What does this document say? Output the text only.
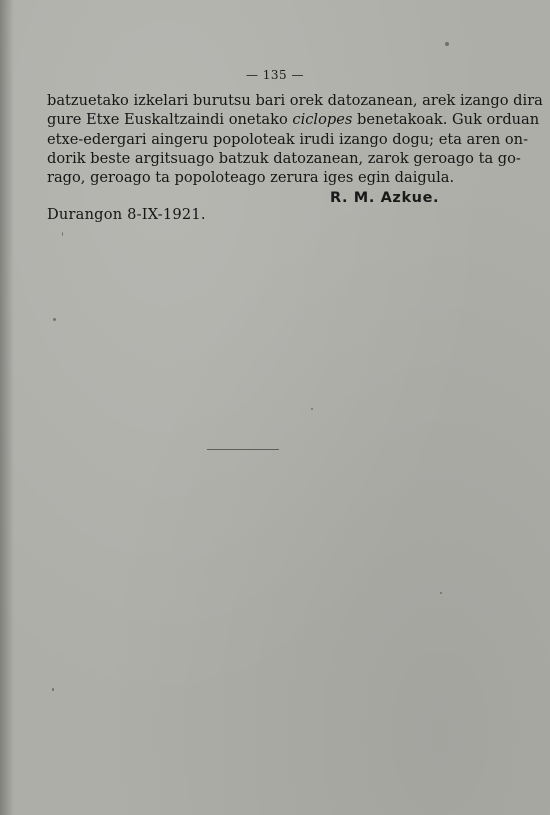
— 135 —
batzuetako izkelari burutsu bari orek datozanean, arek izango dira
gure Etxe Euskaltzaindi onetako ciclopes benetakoak. Guk orduan
etxe-edergari aingeru popoloteak irudi izango dogu; eta aren on-
dorik beste argitsuago batzuk datozanean, zarok geroago ta go-
rago, geroago ta popoloteago zerura iges egin daigula.
R. M. Azkue.
Durangon 8-IX-1921.
